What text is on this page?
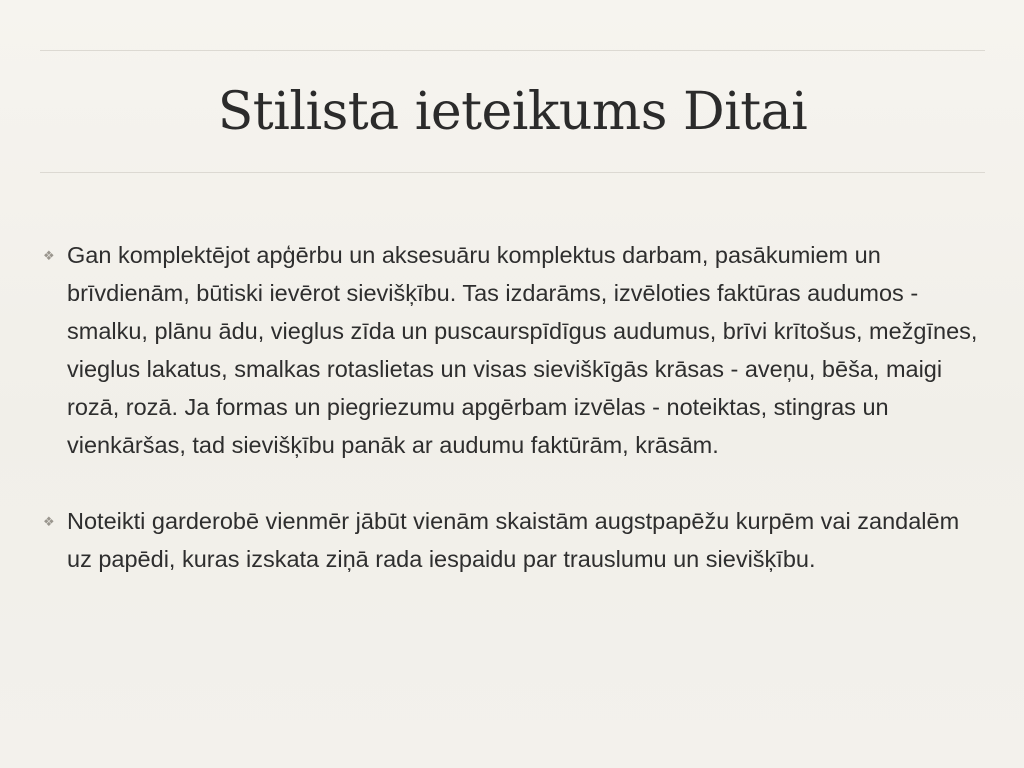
Stilista ieteikums Ditai
❖ Gan komplektējot apģērbu un aksesuāru komplektus darbam, pasākumiem un brīvdienām, būtiski ievērot sievišķību. Tas izdarāms, izvēloties faktūras audumos - smalku, plānu ādu, vieglus zīda un puscaurspīdīgus audumus, brīvi krītošus, mežgīnes, vieglus lakatus, smalkas rotaslietas un visas sieviškīgās krāsas - aveņu, bēša, maigi rozā, rozā. Ja formas un piegriezumu apgērbam izvēlas - noteiktas, stingras un vienkāršas, tad sievišķību panāk ar audumu faktūrām, krāsām.
❖ Noteikti garderobē vienmēr jābūt vienām skaistām augstpapēžu kurpēm vai zandalēm uz papēdi, kuras izskata ziņā rada iespaidu par trauslumu un sievišķību.
